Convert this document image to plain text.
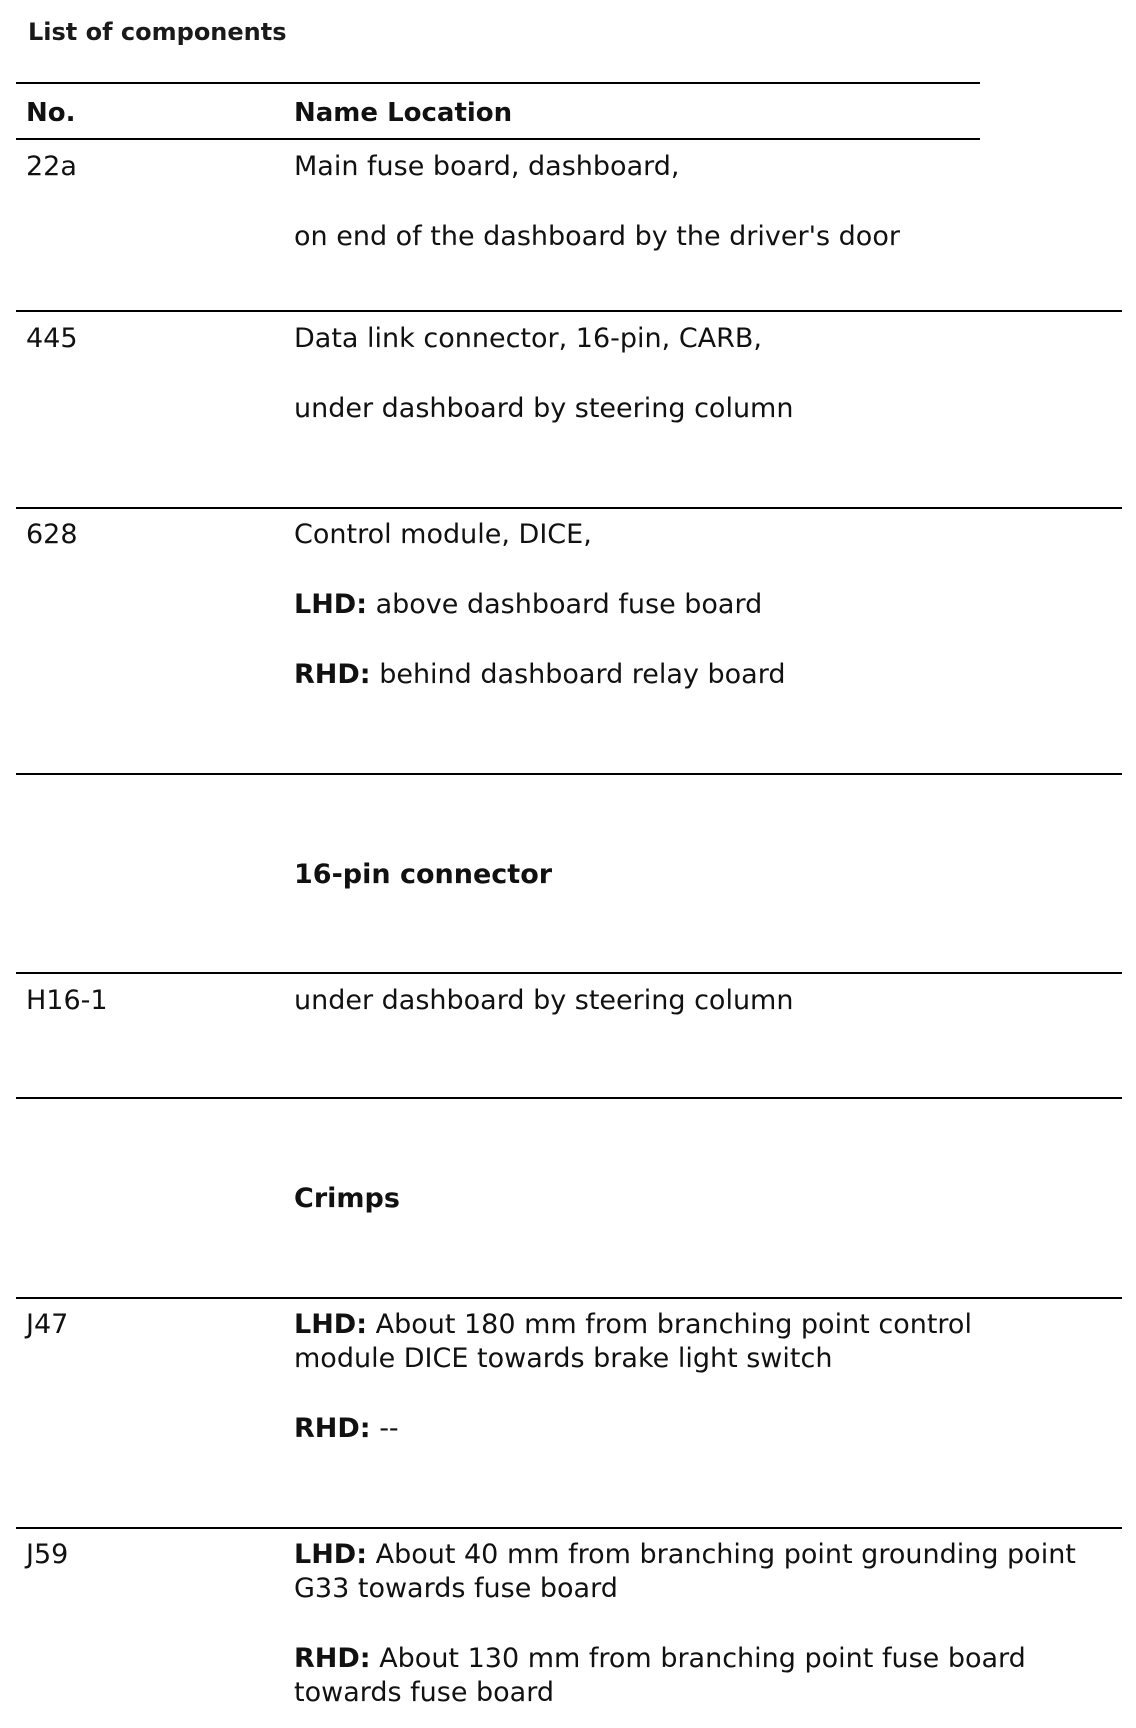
List of components
No.	Name Location
22a	Main fuse board, dashboard,
on end of the dashboard by the driver's door
445	Data link connector, 16-pin, CARB,
under dashboard by steering column
628	Control module, DICE,
LHD: above dashboard fuse board
RHD: behind dashboard relay board
16-pin connector
H16-1	under dashboard by steering column
Crimps
J47	LHD: About 180 mm from branching point control
module DICE towards brake light switch
RHD: --
J59	LHD: About 40 mm from branching point grounding point
G33 towards fuse board
RHD: About 130 mm from branching point fuse board
towards fuse board
